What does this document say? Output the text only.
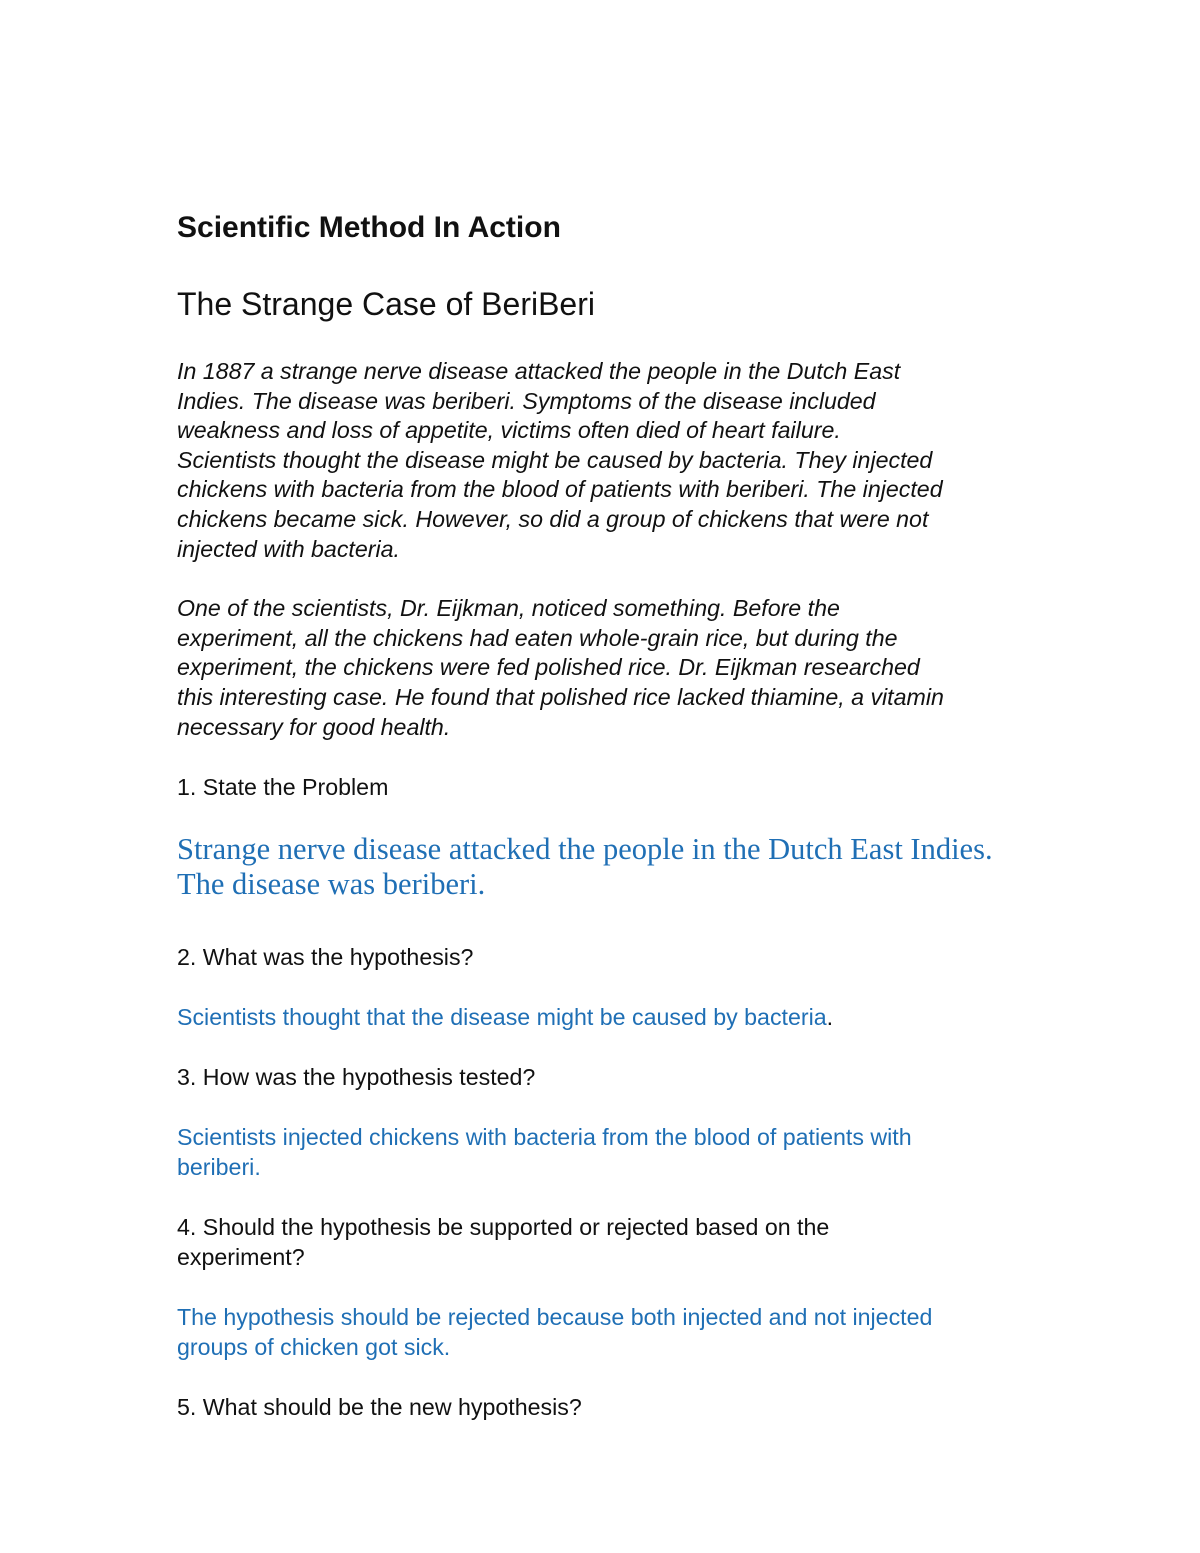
Scientific Method In Action
The Strange Case of BeriBeri
In 1887 a strange nerve disease attacked the people in the Dutch East
Indies. The disease was beriberi. Symptoms of the disease included
weakness and loss of appetite, victims often died of heart failure.
Scientists thought the disease might be caused by bacteria. They injected
chickens with bacteria from the blood of patients with beriberi. The injected
chickens became sick. However, so did a group of chickens that were not
injected with bacteria.
One of the scientists, Dr. Eijkman, noticed something. Before the
experiment, all the chickens had eaten whole-grain rice, but during the
experiment, the chickens were fed polished rice. Dr. Eijkman researched
this interesting case. He found that polished rice lacked thiamine, a vitamin
necessary for good health.
1. State the Problem
Strange nerve disease attacked the people in the Dutch East Indies.
The disease was beriberi.
2. What was the hypothesis?
Scientists thought that the disease might be caused by bacteria.
3. How was the hypothesis tested?
Scientists injected chickens with bacteria from the blood of patients with
beriberi.
4. Should the hypothesis be supported or rejected based on the
experiment?
The hypothesis should be rejected because both injected and not injected
groups of chicken got sick.
5. What should be the new hypothesis?
